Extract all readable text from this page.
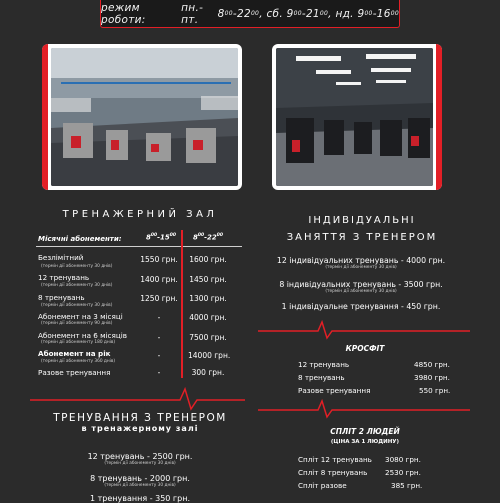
режим роботи:

пн.-пт.
	8 00 - 22 00 , сб.
9 00 - 21 00 , нд.
9 00 - 16 00
ТРЕНАЖЕРНИЙ ЗАЛ
Місячні абонементи:	$8^{00}-15^{00}$ $8^{00}-22^{00}$
Безлімітний
(термін дії абонементу 30 днів)
1550 грн. 1600 грн.
12 тренувань
(термін дії абонементу 30 днів)
1400 грн. 1450 грн.
8 тренувань
(термін дії абонементу 30 днів)
1250 грн. 1300 грн.
Абонемент на 3 місяці
(термін дії абонементу 90 днів)
-	4000 грн.
Абонемент на 6 місяців
(термін дії абонементу 180 днів)
-	7500 грн.
Абонемент на рік
(термін дії абонементу 360 днів)
-	14000 грн.
Разове тренування	-	300 грн.
ІНДИВІДУАЛЬНІ
ЗАНЯТТЯ З ТРЕНЕРОМ
12 індивідуальних тренувань - 4000 грн.
(термін дії абонементу 30 днів)
8 індивідуальних тренувань - 3500 грн.
(термін дії абонементу 30 днів)
1 індивідуальне тренування - 450 грн.
КРОСФІТ
12 тренувань	4850 грн.
8 тренувань	3980 грн.
Разове тренування	550 грн.
СПЛІТ 2 ЛЮДЕЙ
(ЦІНА ЗА 1 ЛЮДИНУ)
Спліт 12 тренувань 3080 грн.
Спліт 8 тренувань 2530 грн.
Спліт разове	385 грн.
ТРЕНУВАННЯ З ТРЕНЕРОМ
в тренажерному залі
12 тренувань - 2500 грн.
(термін дії абонементу 30 днів)
8 тренувань - 2000 грн.
(термін дії абонементу 30 днів)
1 тренування - 350 грн.
